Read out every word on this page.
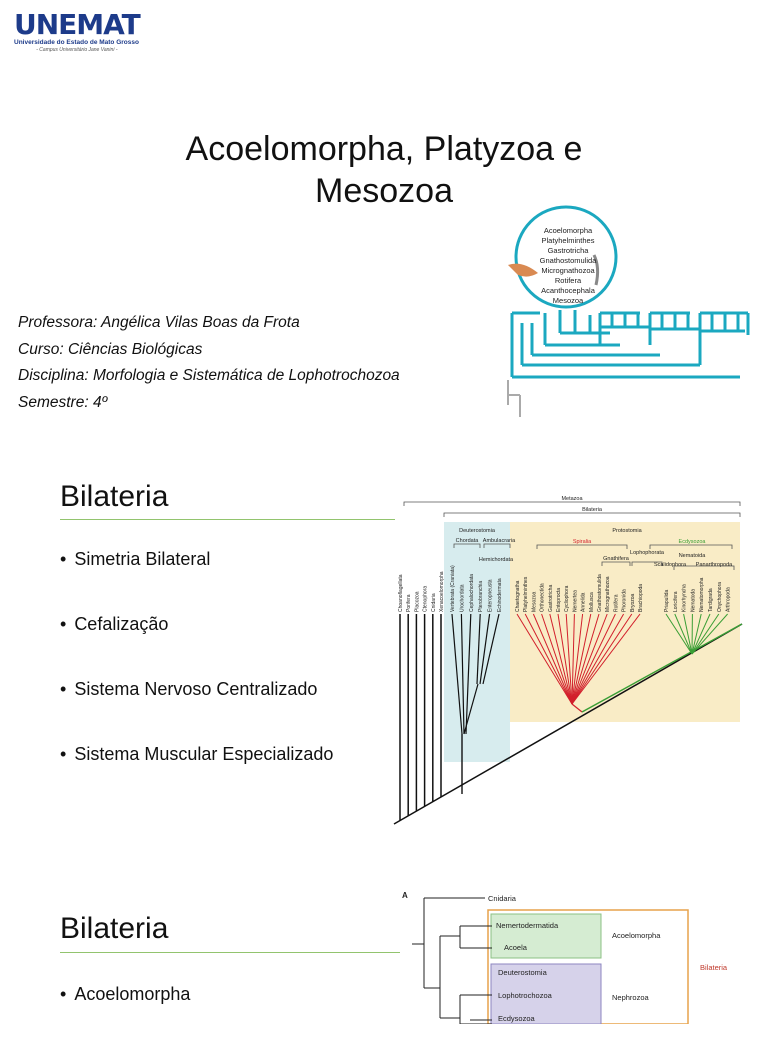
UNEMAT
Universidade do Estado de Mato Grosso
- Campus Universitário Jane Vanini -
Acoelomorpha, Platyzoa e
Mesozoa
Professora: Angélica Vilas Boas da Frota
Curso: Ciências Biológicas
Disciplina: Morfologia e Sistemática de Lophotrochozoa
Semestre: 4º
Acoelomorpha
Platyhelminthes
Gastrotricha
Gnathostomulida
Micrognathozoa
Rotifera
Acanthocephala
Mesozoa
Bilateria
• Simetria Bilateral
• Cefalização
• Sistema Nervoso Centralizado
• Sistema Muscular Especializado
Metazoa
Bilateria
Deuterostomia	Protostomia
Chordata Ambulacraria
Hemichordata
Spiralia	Ecdysozoa
Lophophorata
Gnathifera	Nematoida
Scalidophora Panarthropoda
Choanoflagellata Porifera Placozoa Ctenophora Cnidaria Xenacoelomorpha Vertebrata (Craniata) Urochordata Cephalochordata Pterobranchia Enteropneusta Echinodermata Chaetognatha Platyhelminthes Mesozoa Orthonectida Gastrotricha Entoprocta Cycliophora Nemertea Annelida Mollusca Gnathostomulida Micrognathozoa Rotifera Phoronida Bryozoa Brachiopoda	Priapulida Loricifera Kinorhyncha Nematoda Nematomorpha Tardigrada Onychophora Arthropoda
Bilateria
• Acoelomorpha
A	Cnidaria
Nemertodermatida
Acoela
Deuterostomia
Lophotrochozoa
Ecdysozoa
Acoelomorpha
Nephrozoa
Bilateria
